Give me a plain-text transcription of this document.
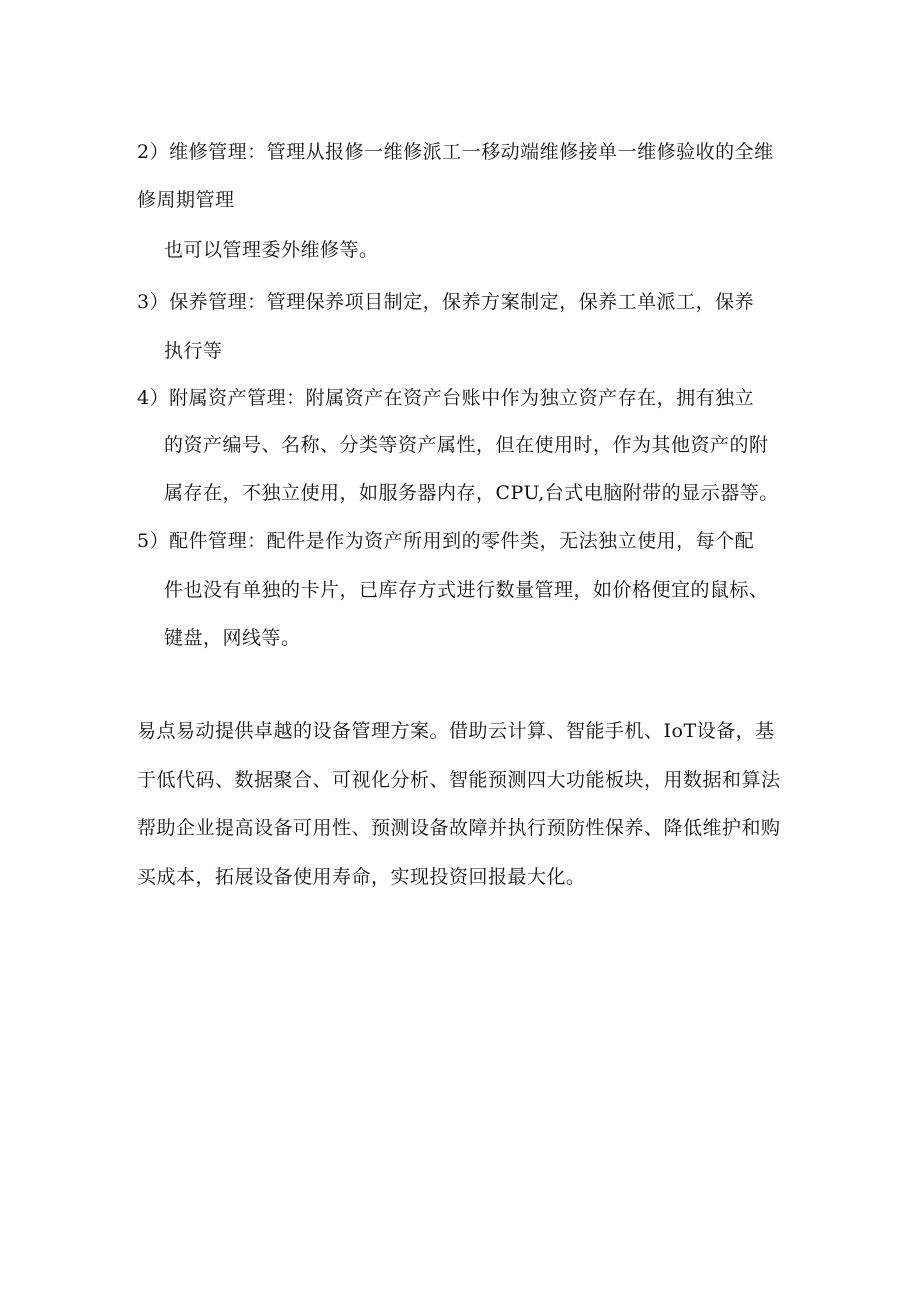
2）维修管理：管理从报修一维修派工一移动端维修接单一维修验收的全维
修周期管理
也可以管理委外维修等。
3）保养管理：管理保养项目制定，保养方案制定，保养工单派工，保养
执行等
4）附属资产管理：附属资产在资产台账中作为独立资产存在，拥有独立
的资产编号、名称、分类等资产属性，但在使用时，作为其他资产的附
属存在，不独立使用，如服务器内存，CPU,台式电脑附带的显示器等。
5）配件管理：配件是作为资产所用到的零件类，无法独立使用，每个配
件也没有单独的卡片，已库存方式进行数量管理，如价格便宜的鼠标、
键盘，网线等。
易点易动提供卓越的设备管理方案。借助云计算、智能手机、IoT设备，基
于低代码、数据聚合、可视化分析、智能预测四大功能板块，用数据和算法
帮助企业提高设备可用性、预测设备故障并执行预防性保养、降低维护和购
买成本，拓展设备使用寿命，实现投资回报最大化。
